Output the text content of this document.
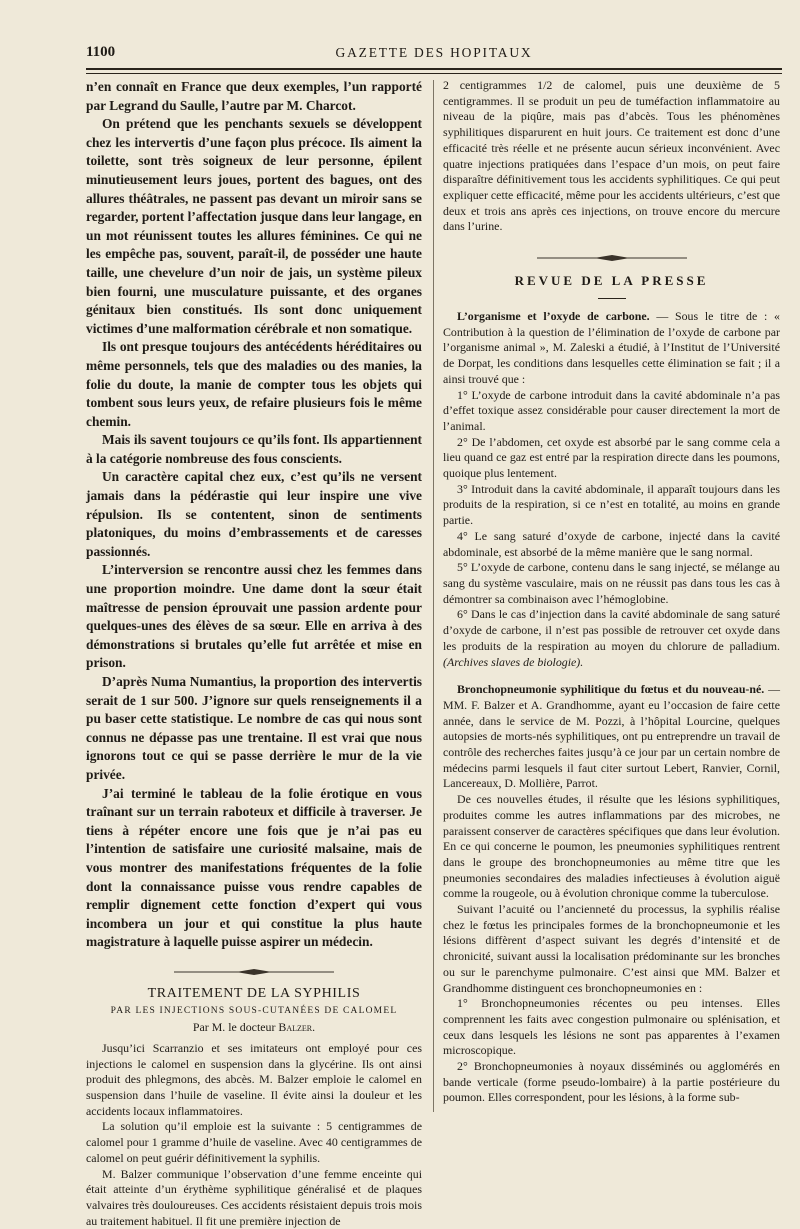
1100	GAZETTE DES HOPITAUX

n’en connaît en France que deux exemples, l’un rapporté par Legrand du Saulle, l’autre par M. Charcot.

On prétend que les penchants sexuels se développent chez les intervertis d’une façon plus précoce. Ils aiment la toilette, sont très soigneux de leur personne, épilent minutieusement leurs joues, portent des bagues, ont des allures théâtrales, ne passent pas devant un miroir sans se regarder, portent l’affectation jusque dans leur langage, en un mot réunissent toutes les allures féminines. Ce qui ne les empêche pas, souvent, paraît-il, de posséder une haute taille, une chevelure d’un noir de jais, un système pileux bien fourni, une musculature puissante, et des organes génitaux bien constitués. Ils sont donc uniquement victimes d’une malformation cérébrale et non somatique.

Ils ont presque toujours des antécédents héréditaires ou même personnels, tels que des maladies ou des manies, la folie du doute, la manie de compter tous les objets qui tombent sous leurs yeux, de refaire plusieurs fois le même chemin.

Mais ils savent toujours ce qu’ils font. Ils appartiennent à la catégorie nombreuse des fous conscients.

Un caractère capital chez eux, c’est qu’ils ne versent jamais dans la pédérastie qui leur inspire une vive répulsion. Ils se contentent, sinon de sentiments platoniques, du moins d’embrassements et de caresses passionnés.

L’interversion se rencontre aussi chez les femmes dans une proportion moindre. Une dame dont la sœur était maîtresse de pension éprouvait une passion ardente pour quelques-unes des élèves de sa sœur. Elle en arriva à des démonstrations si brutales qu’elle fut arrêtée et mise en prison.

D’après Numa Numantius, la proportion des intervertis serait de 1 sur 500. J’ignore sur quels renseignements il a pu baser cette statistique. Le nombre de cas qui nous sont connus ne dépasse pas une trentaine. Il est vrai que nous ignorons tout ce qui se passe derrière le mur de la vie privée.

J’ai terminé le tableau de la folie érotique en vous traînant sur un terrain raboteux et difficile à traverser. Je tiens à répéter encore une fois que je n’ai pas eu l’intention de satisfaire une curiosité malsaine, mais de vous montrer des manifestations fréquentes de la folie dont la connaissance puisse vous rendre capables de remplir dignement cette fonction d’expert qui vous incombera un jour et qui constitue la plus haute magistrature à laquelle puisse aspirer un médecin.

TRAITEMENT DE LA SYPHILIS
PAR LES INJECTIONS SOUS-CUTANÉES DE CALOMEL
Par M. le docteur Balzer.

Jusqu’ici Scarranzio et ses imitateurs ont employé pour ces injections le calomel en suspension dans la glycérine. Ils ont ainsi produit des phlegmons, des abcès. M. Balzer emploie le calomel en suspension dans l’huile de vaseline. Il évite ainsi la douleur et les accidents locaux inflammatoires.

La solution qu’il emploie est la suivante : 5 centigrammes de calomel pour 1 gramme d’huile de vaseline. Avec 40 centigrammes de calomel on peut guérir définitivement la syphilis.

M. Balzer communique l’observation d’une femme enceinte qui était atteinte d’un érythème syphilitique généralisé et de plaques valvaires très douloureuses. Ces accidents résistaient depuis trois mois au traitement habituel. Il fit une première injection de

2 centigrammes 1/2 de calomel, puis une deuxième de 5 centigrammes. Il se produit un peu de tuméfaction inflammatoire au niveau de la piqûre, mais pas d’abcès. Tous les phénomènes syphilitiques disparurent en huit jours. Ce traitement est donc d’une efficacité très réelle et ne présente aucun sérieux inconvénient. Avec quatre injections pratiquées dans l’espace d’un mois, on peut faire disparaître définitivement tous les accidents syphilitiques. Ce qui peut expliquer cette efficacité, même pour les accidents ultérieurs, c’est que deux et trois ans après ces injections, on trouve encore du mercure dans l’urine.

REVUE DE LA PRESSE

L’organisme et l’oxyde de carbone. — Sous le titre de : « Contribution à la question de l’élimination de l’oxyde de carbone par l’organisme animal », M. Zaleski a étudié, à l’Institut de l’Université de Dorpat, les conditions dans lesquelles cette élimination se fait ; il a ainsi trouvé que :

1° L’oxyde de carbone introduit dans la cavité abdominale n’a pas d’effet toxique assez considérable pour causer directement la mort de l’animal.

2° De l’abdomen, cet oxyde est absorbé par le sang comme cela a lieu quand ce gaz est entré par la respiration directe dans les poumons, quoique plus lentement.

3° Introduit dans la cavité abdominale, il apparaît toujours dans les produits de la respiration, si ce n’est en totalité, au moins en grande partie.

4° Le sang saturé d’oxyde de carbone, injecté dans la cavité abdominale, est absorbé de la même manière que le sang normal.

5° L’oxyde de carbone, contenu dans le sang injecté, se mélange au sang du système vasculaire, mais on ne réussit pas dans tous les cas à démontrer sa combinaison avec l’hémoglobine.

6° Dans le cas d’injection dans la cavité abdominale de sang saturé d’oxyde de carbone, il n’est pas possible de retrouver cet oxyde dans les produits de la respiration au moyen du chlorure de palladium. (Archives slaves de biologie).

Bronchopneumonie syphilitique du fœtus et du nouveau-né. — MM. F. Balzer et A. Grandhomme, ayant eu l’occasion de faire cette année, dans le service de M. Pozzi, à l’hôpital Lourcine, quelques autopsies de morts-nés syphilitiques, ont pu entreprendre un travail de contrôle des recherches faites jusqu’à ce jour par un certain nombre de médecins parmi lesquels il faut citer surtout Lebert, Ranvier, Cornil, Lancereaux, D. Mollière, Parrot.

De ces nouvelles études, il résulte que les lésions syphilitiques, produites comme les autres inflammations par des microbes, ne paraissent conserver de caractères spécifiques que dans leur évolution. En ce qui concerne le poumon, les pneumonies syphilitiques rentrent dans le groupe des bronchopneumonies au même titre que les pneumonies secondaires des maladies infectieuses à évolution aiguë comme la rougeole, ou à évolution chronique comme la tuberculose.

Suivant l’acuité ou l’ancienneté du processus, la syphilis réalise chez le fœtus les principales formes de la bronchopneumonie et les lésions diffèrent d’aspect suivant les degrés d’intensité et de chronicité, suivant aussi la localisation prédominante sur les bronches ou sur le parenchyme pulmonaire. C’est ainsi que MM. Balzer et Grandhomme distinguent ces bronchopneumonies en :

1° Bronchopneumonies récentes ou peu intenses. Elles comprennent les faits avec congestion pulmonaire ou splénisation, et ceux dans lesquels les lésions ne sont pas apparentes à l’examen microscopique.

2° Bronchopneumonies à noyaux disséminés ou agglomérés en bande verticale (forme pseudo-lombaire) à la partie postérieure du poumon. Elles correspondent, pour les lésions, à la forme sub-
